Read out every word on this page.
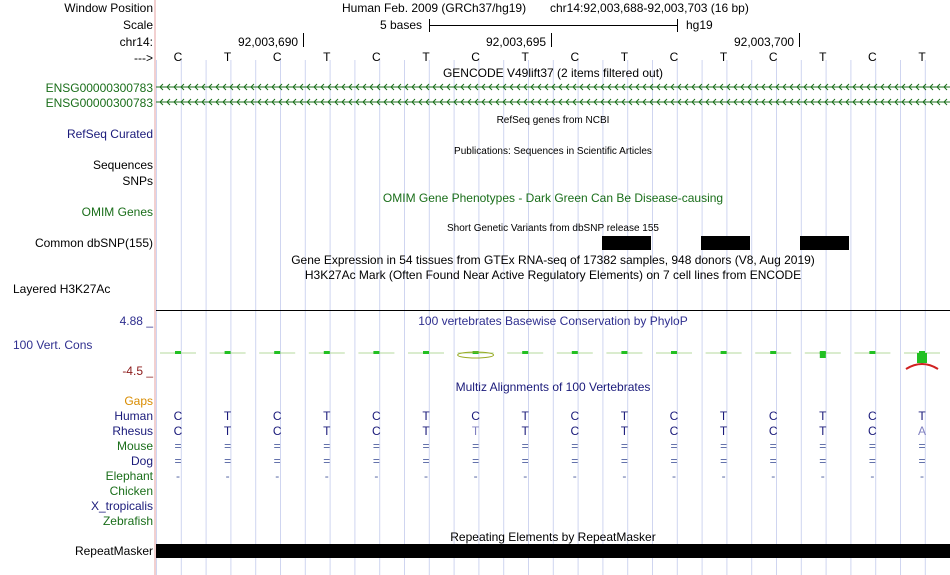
Window Position	Human Feb. 2009 (GRCh37/hg19) chr14:92,003,688-92,003,703 (16 bp)
Scale	5 bases	hg19
chr14:	92,003,690	92,003,695	92,003,700
---> C	T	C	T	C	T	C	T	C	T	C	T	C	T	C	T
GENCODE V49lift37 (2 items filtered out)
ENSG00000300783
ENSG00000300783
RefSeq genes from NCBI
RefSeq Curated
Publications: Sequences in Scientific Articles
Sequences
SNPs
OMIM Gene Phenotypes - Dark Green Can Be Disease-causing
OMIM Genes
Short Genetic Variants from dbSNP release 155
Common dbSNP(155)
Gene Expression in 54 tissues from GTEx RNA-seq of 17382 samples, 948 donors (V8, Aug 2019)
H3K27Ac Mark (Often Found Near Active Regulatory Elements) on 7 cell lines from ENCODE
Layered H3K27Ac
4.88 _	100 vertebrates Basewise Conservation by PhyloP
100 Vert. Cons
-4.5 _
Multiz Alignments of 100 Vertebrates
Gaps
Human C	T	C	T	C	T	C	T	C	T	C	T	C	T	C	T
Rhesus C	T	C	T	C	T	T	T	C	T	C	T	C	T	C	A
Mouse =	=	=	=	=	=	=	=	=	=	=	=	=	=	=	=
Dog =	=	=	=	=	=	=	=	=	=	=	=	=	=	=	=
Elephant	-	-	-	-	-	-	-	-	-	-	-	-	-	-	-	-
Chicken
X_tropicalis
Zebrafish
Repeating Elements by RepeatMasker
RepeatMasker
